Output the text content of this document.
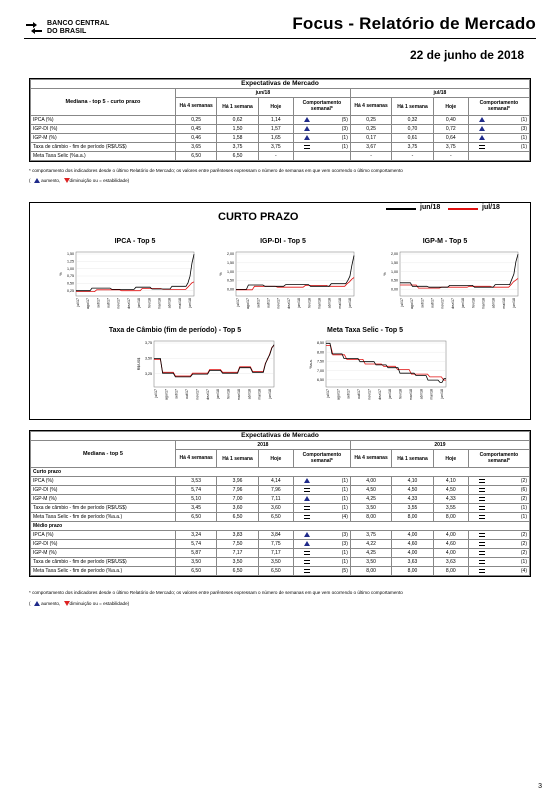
BANCO CENTRAL
DO BRASIL	Focus - Relatório de Mercado
22 de junho de 2018
Expectativas de Mercado								
Mediana - top 5 - curto prazo	jun/18				jul/18			
	Há 4 semanas	Há 1 semana	Hoje	Comportamento semanal*	Há 4 semanas	Há 1 semana	Hoje	Comportamento semanal*
IPCA (%)	0,25	0,62	1,14	(5)	0,25	0,32	0,40	(1)

IGP-DI (%)	0,45	1,50	1,57	(3)	0,25	0,70	0,72	(3)

IGP-M (%)	0,46	1,58	1,65	(1)	0,17	0,61	0,64	(1)

Taxa de câmbio - fim de período (R$/US$)	3,65	3,75	3,75	(1)	3,67	3,75	3,75	(1)

Meta Taxa Selic (%a.a.)	6,50	6,50	-		-	-	-	
* comportamento dos indicadores desde o último Relatório de Mercado; os valores entre parênteses expressam o número de semanas em que vem ocorrendo o último comportamento
(  aumento, diminuição ou = estabilidade)
CURTO PRAZO
jun/18	jul/18
IPCA - Top 5	IGP-DI - Top 5	IGP-M - Top 5
Taxa de Câmbio (fim de período) - Top 5	Meta Taxa Selic - Top 5
1,50
1,25
1,00
0,75
0,50
0,25
%
jul/17 ago/17 set/17 out/17 nov/17 dez/17 jan/18 fev/18 mar/18 abr/18 mai/18 jun/18
2,00
1,50
1,00
0,50
0,00
%
jul/17 ago/17 set/17 out/17 nov/17 dez/17 jan/18 fev/18 mar/18 abr/18 mai/18 jun/18
2,00
1,50
1,00
0,50
0,00
%
jul/17 ago/17 set/17 out/17 nov/17 dez/17 jan/18 fev/18 mar/18 abr/18 mai/18 jun/18
3,75
3,50
3,25
R$/US$
jul/17 ago/17 set/17 out/17 nov/17 dez/17 jan/18 fev/18 mar/18 abr/18 mai/18 jun/18
8,50
8,00
7,50
7,00
6,50
%a.a.
jul/17 ago/17 set/17 out/17 nov/17 dez/17 jan/18 fev/18 mar/18 abr/18 mai/18 jun/18
Expectativas de Mercado								
Mediana - top 5	2018				2019			
	Há 4 semanas	Há 1 semana	Hoje	Comportamento semanal*	Há 4 semanas	Há 1 semana	Hoje	Comportamento semanal*
Curto prazo								
IPCA (%)	3,53	3,96	4,14	(1)	4,00	4,10	4,10	(2)

IGP-DI (%)	5,74	7,96	7,96	(1)	4,50	4,50	4,50	(6)

IGP-M (%)	5,10	7,00	7,11	(1)	4,25	4,33	4,33	(2)

Taxa de câmbio - fim de período (R$/US$)	3,45	3,60	3,60	(1)	3,50	3,55	3,55	(1)

Meta Taxa Selic - fim de período (%a.a.)	6,50	6,50	6,50	(4)	8,00	8,00	8,00	(1)

Médio prazo								
IPCA (%)	3,24	3,83	3,84	(3)	3,75	4,00	4,00	(2)

IGP-DI (%)	5,74	7,50	7,75	(3)	4,22	4,60	4,60	(2)

IGP-M (%)	5,87	7,17	7,17	(1)	4,25	4,00	4,00	(2)

Taxa de câmbio - fim de período (R$/US$)	3,50	3,50	3,50	(1)	3,50	3,63	3,63	(1)

Meta Taxa Selic - fim de período (%a.a.)	6,50	6,50	6,50	(5)	8,00	8,00	8,00	(4)
* comportamento dos indicadores desde o último Relatório de Mercado; os valores entre parênteses expressam o número de semanas em que vem ocorrendo o último comportamento
(  aumento, diminuição ou = estabilidade)
3
